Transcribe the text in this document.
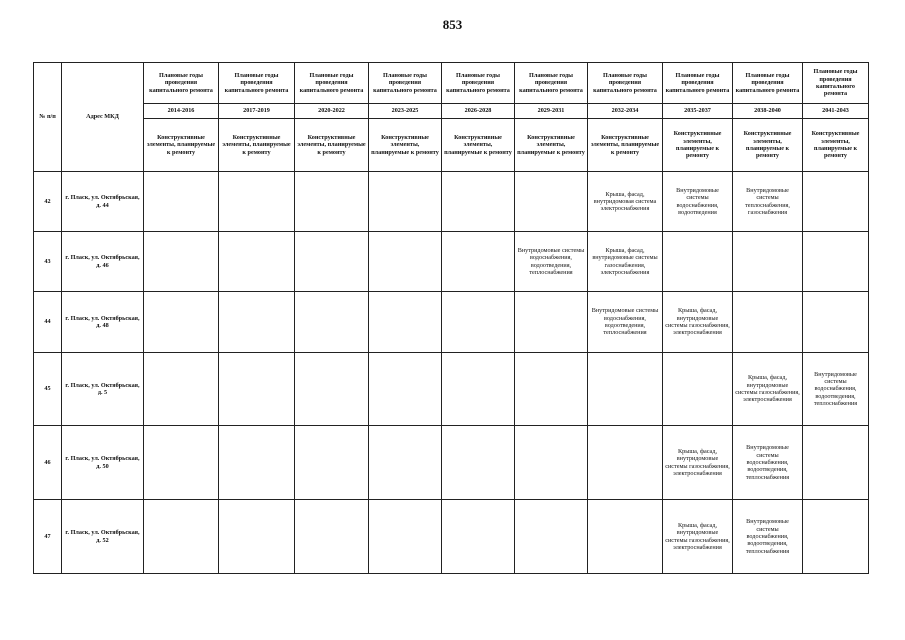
853
№ п/п	Адрес МКД	Плановые годы проведения капитального ремонта	Плановые годы проведения капитального ремонта	Плановые годы проведения капитального ремонта	Плановые годы проведения капитального ремонта	Плановые годы проведения капитального ремонта	Плановые годы проведения капитального ремонта	Плановые годы проведения капитального ремонта	Плановые годы проведения капитального ремонта	Плановые годы проведения капитального ремонта	Плановые годы проведения капитального ремонта
		2014-2016	2017-2019	2020-2022	2023-2025	2026-2028	2029-2031	2032-2034	2035-2037	2038-2040	2041-2043
		Конструктивные элементы, планируемые к ремонту	Конструктивные элементы, планируемые к ремонту	Конструктивные элементы, планируемые к ремонту	Конструктивные элементы, планируемые к ремонту	Конструктивные элементы, планируемые к ремонту	Конструктивные элементы, планируемые к ремонту	Конструктивные элементы, планируемые к ремонту	Конструктивные элементы, планируемые к ремонту	Конструктивные элементы, планируемые к ремонту	Конструктивные элементы, планируемые к ремонту
42	г. Пласк, ул. Октябрьская, д. 44							Крыша, фасад, внутридомовая система электроснабжения	Внутридомовые системы водоснабжения, водоотведения	Внутридомовые системы теплоснабжения, газоснабжения	
43	г. Пласк, ул. Октябрьская, д. 46						Внутридомовые системы водоснабжения, водоотведения, теплоснабжения	Крыша, фасад, внутридомовые системы газоснабжения, электроснабжения			
44	г. Пласк, ул. Октябрьская, д. 48							Внутридомовые системы водоснабжения, водоотведения, теплоснабжения	Крыша, фасад, внутридомовые системы газоснабжения, электроснабжения		
45	г. Пласк, ул. Октябрьская, д. 5									Крыша, фасад, внутридомовые системы газоснабжения, электроснабжения	Внутридомовые системы водоснабжения, водоотведения, теплоснабжения
46	г. Пласк, ул. Октябрьская, д. 50								Крыша, фасад, внутридомовые системы газоснабжения, электроснабжения	Внутридомовые системы водоснабжения, водоотведения, теплоснабжения	
47	г. Пласк, ул. Октябрьская, д. 52								Крыша, фасад, внутридомовые системы газоснабжения, электроснабжения	Внутридомовые системы водоснабжения, водоотведения, теплоснабжения	
